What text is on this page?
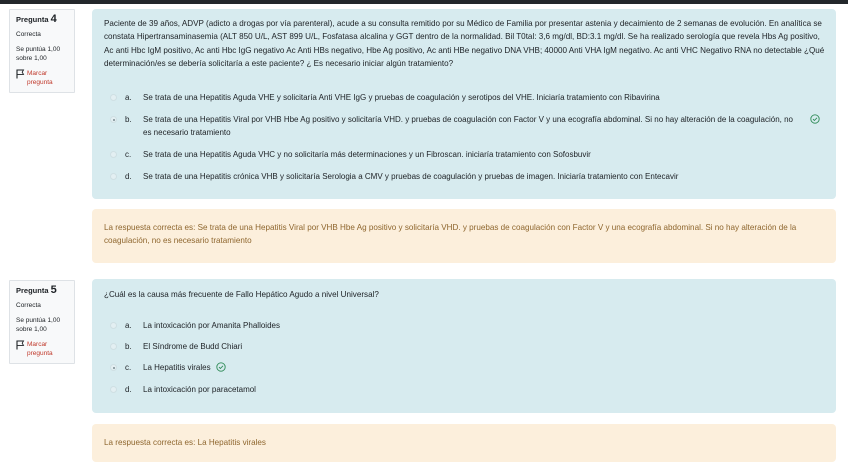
Pregunta 4
Correcta
Se puntúa 1,00 sobre 1,00
Marcar pregunta
Paciente de 39 años, ADVP (adicto a drogas por vía parenteral), acude a su consulta remitido por su Médico de Familia por presentar astenia y decaimiento de 2 semanas de evolución. En analítica se constata Hipertransaminasemia (ALT 850 U/L, AST 899 U/L, Fosfatasa alcalina y GGT dentro de la normalidad. Bil T0tal: 3,6 mg/dl, BD:3.1 mg/dl. Se ha realizado serología que revela Hbs Ag positivo, Ac anti Hbc IgM positivo, Ac anti Hbc IgG negativo Ac Anti HBs negativo, Hbe Ag positivo, Ac anti HBe negativo DNA VHB; 40000 Anti VHA IgM negativo. Ac anti VHC Negativo RNA no detectable ¿Qué determinación/es se debería solicitaría a este paciente? ¿ Es necesario iniciar algún tratamiento?
a.	Se trata de una Hepatitis Aguda VHE y solicitaría Anti VHE IgG y pruebas de coagulación y serotipos del VHE. Iniciaría tratamiento con Ribavirina
b.	Se trata de una Hepatitis Viral por VHB Hbe Ag positivo y solicitaría VHD. y pruebas de coagulación con Factor V y una ecografía abdominal. Si no hay alteración de la coagulación, no es necesario tratamiento
c.	Se trata de una Hepatitis Aguda VHC y no solicitaría más determinaciones y un Fibroscan. iniciaría tratamiento con Sofosbuvir
d.	Se trata de una Hepatitis crónica VHB y solicitaría Serologia a CMV y pruebas de coagulación y pruebas de imagen. Iniciaría tratamiento con Entecavir
La respuesta correcta es: Se trata de una Hepatitis Viral por VHB Hbe Ag positivo y solicitaría VHD. y pruebas de coagulación con Factor V y una ecografía abdominal. Si no hay alteración de la coagulación, no es necesario tratamiento
Pregunta 5
Correcta
Se puntúa 1,00 sobre 1,00
Marcar pregunta
¿Cuál es la causa más frecuente de Fallo Hepático Agudo a nivel Universal?
a.	La intoxicación por Amanita Phalloides
b.	El Síndrome de Budd Chiari
c.	La Hepatitis virales
d.	La intoxicación por paracetamol
La respuesta correcta es: La Hepatitis virales
